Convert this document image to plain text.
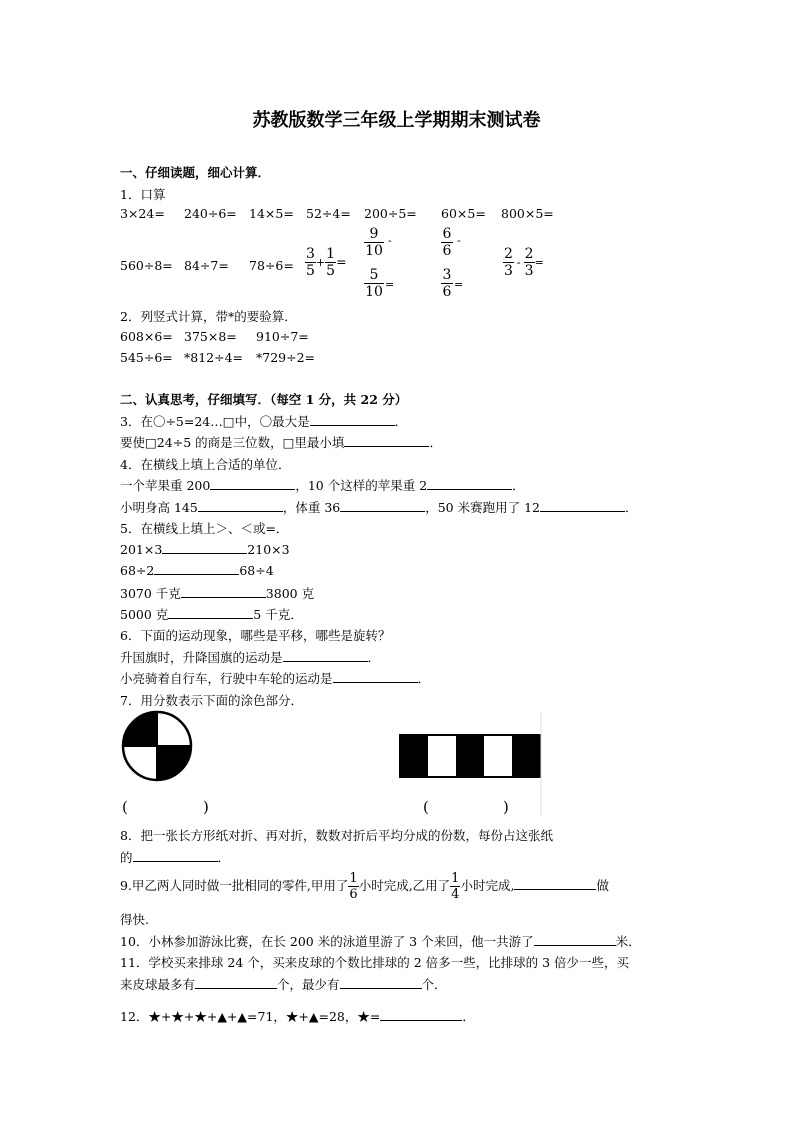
苏教版数学三年级上学期期末测试卷
一、仔细读题，细心计算．
1．口算
3×24= 240÷6= 14×5= 52÷4= 200÷5= 60×5= 800×5=
$560\div 8= 84\div 7= 78\div 6= \frac{3}{5} + \frac{1}{5}$ =
$\frac{9}{10}$ -
$\frac{5}{10}$ =
$\frac{6}{6}$ -
$\frac{3}{6}$ =
$\frac{2}{3} - \frac{2}{3}$ =
2．列竖式计算，带*的要验算．
608×6= 375×8= 910÷7=
545÷6= *812÷4= *729÷2=
二、认真思考，仔细填写．（每空 1 分，共 22 分）
3．在〇÷5=24…□中，〇最大是	．
要使□24÷5 的商是三位数，□里最小填	．
4．在横线上填上合适的单位．
一个苹果重 200	，10 个这样的苹果重 2	．
小明身高 145	，体重 36	，50 米赛跑用了 12	．
5．在横线上填上＞、＜或=．
201×3	210×3
68÷2	68÷4
3070 千克	3800 克
5000 克	5 千克．
6．下面的运动现象，哪些是平移，哪些是旋转？
升国旗时，升降国旗的运动是	．
小亮骑着自行车，行驶中车轮的运动是	．
7．用分数表示下面的涂色部分．
(	)	(	)
8．把一张长方形纸对折、再对折，数数对折后平均分成的份数，每份占这张纸
的	．
9.甲乙两人同时做一批相同的零件,甲用了 $\frac{1}{6}$ 小时完成,乙用了 $\frac{1}{4}$ 小时完成,	做
得快.
10．小林参加游泳比赛，在长 200 米的泳道里游了 3 个来回，他一共游了	米．
11．学校买来排球 24 个，买来皮球的个数比排球的 2 倍多一些，比排球的 3 倍少一些，买
来皮球最多有	个，最少有	个．
12．★+★+★+▲+▲=71，★+▲=28，★=	．
